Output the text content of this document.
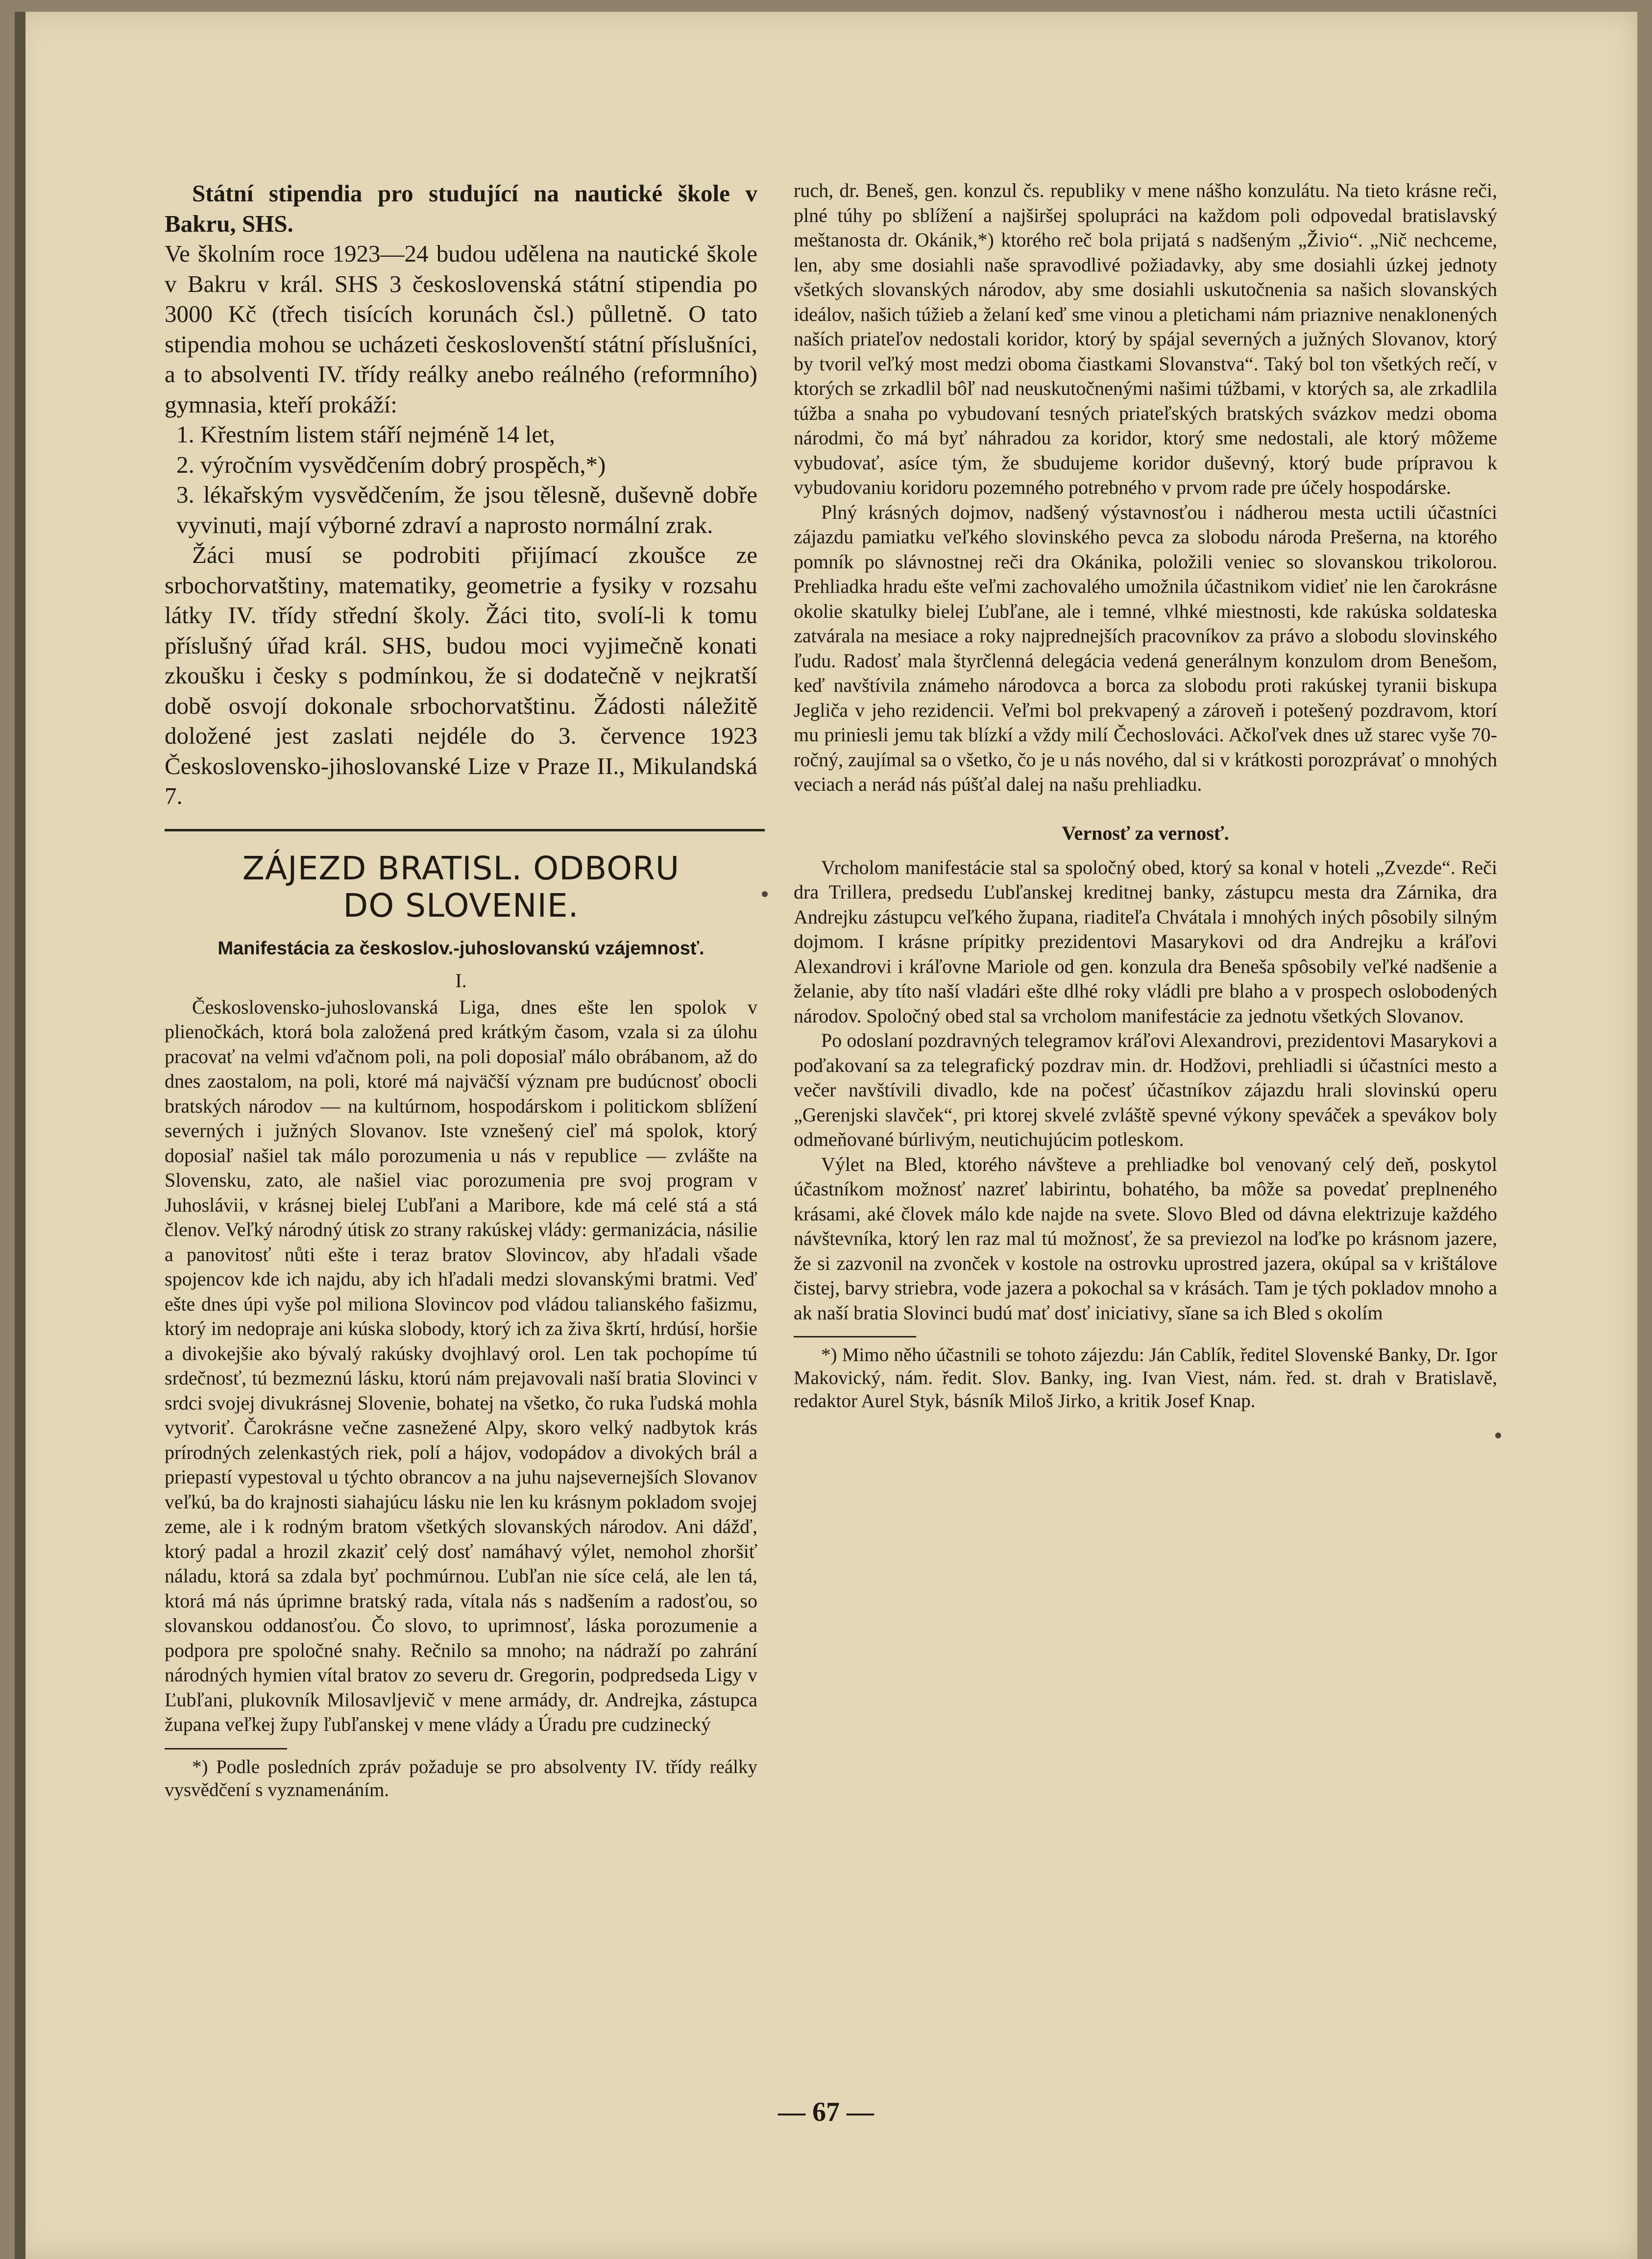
Státní stipendia pro studující na nautické škole v Bakru, SHS.

Ve školním roce 1923—24 budou udělena na nautické škole v Bakru v král. SHS 3 československá státní stipendia po 3000 Kč (třech tisících korunách čsl.) půlletně. O tato stipendia mohou se ucházeti českoslovenští státní příslušníci, a to absolventi IV. třídy reálky anebo reálného (reformního) gymnasia, kteří prokáží:

1. Křestním listem stáří nejméně 14 let,

2. výročním vysvědčením dobrý prospěch,*)

3. lékařským vysvědčením, že jsou tělesně, duševně dobře vyvinuti, mají výborné zdraví a naprosto normální zrak.

Žáci musí se podrobiti přijímací zkoušce ze srbochorvatštiny, matematiky, geometrie a fysiky v rozsahu látky IV. třídy střední školy. Žáci tito, svolí-li k tomu příslušný úřad král. SHS, budou moci vyjimečně konati zkoušku i česky s podmínkou, že si dodatečně v nejkratší době osvojí dokonale srbochorvatštinu. Žádosti náležitě doložené jest zaslati nejdéle do 3. července 1923 Československo-jihoslovanské Lize v Praze II., Mikulandská 7.

ZÁJEZD BRATISL. ODBORU
DO SLOVENIE.
Manifestácia za českoslov.-juhoslovanskú vzájemnosť.
I.

Československo-juhoslovanská Liga, dnes ešte len spolok v plienočkách, ktorá bola založená pred krátkým časom, vzala si za úlohu pracovať na velmi vďačnom poli, na poli doposiaľ málo obrábanom, až do dnes zaostalom, na poli, ktoré má najväčší význam pre budúcnosť obocli bratských národov — na kultúrnom, hospodárskom i politickom sblížení severných i južných Slovanov. Iste vznešený cieľ má spolok, ktorý doposiaľ našiel tak málo porozumenia u nás v republice — zvlášte na Slovensku, zato, ale našiel viac porozumenia pre svoj program v Juhoslávii, v krásnej bielej Ľubľani a Maribore, kde má celé stá a stá členov. Veľký národný útisk zo strany rakúskej vlády: germanizácia, násilie a panovitosť nůti ešte i teraz bratov Slovincov, aby hľadali všade spojencov kde ich najdu, aby ich hľadali medzi slovanskými bratmi. Veď ešte dnes úpi vyše pol miliona Slovincov pod vládou talianského fašizmu, ktorý im nedopraje ani kúska slobody, ktorý ich za živa škrtí, hrdúsí, horšie a divokejšie ako bývalý rakúsky dvojhlavý orol. Len tak pochopíme tú srdečnosť, tú bezmeznú lásku, ktorú nám prejavovali naší bratia Slovinci v srdci svojej divukrásnej Slovenie, bohatej na všetko, čo ruka ľudská mohla vytvoriť. Čarokrásne večne zasnežené Alpy, skoro velký nadbytok krás prírodných zelenkastých riek, polí a hájov, vodopádov a divokých brál a priepastí vypestoval u týchto obrancov a na juhu najsevernejších Slovanov veľkú, ba do krajnosti siahajúcu lásku nie len ku krásnym pokladom svojej zeme, ale i k rodným bratom všetkých slovanských národov. Ani dážď, ktorý padal a hrozil zkaziť celý dosť namáhavý výlet, nemohol zhoršiť náladu, ktorá sa zdala byť pochmúrnou. Ľubľan nie síce celá, ale len tá, ktorá má nás úprimne bratský rada, vítala nás s nadšením a radosťou, so slovanskou oddanosťou. Čo slovo, to uprimnosť, láska porozumenie a podpora pre spoločné snahy. Rečnilo sa mnoho; na nádraží po zahrání národných hymien vítal bratov zo severu dr. Gregorin, podpredseda Ligy v Ľubľani, plukovník Milosavljevič v mene armády, dr. Andrejka, zástupca župana veľkej župy ľubľanskej v mene vlády a Úradu pre cudzinecký

*) Podle posledních zpráv požaduje se pro absolventy IV. třídy reálky vysvědčení s vyznamenáním.

ruch, dr. Beneš, gen. konzul čs. republiky v mene nášho konzulátu. Na tieto krásne reči, plné túhy po sblížení a najširšej spolupráci na každom poli odpovedal bratislavský meštanosta dr. Okánik,*) ktorého reč bola prijatá s nadšeným „Živio“. „Nič nechceme, len, aby sme dosiahli naše spravodlivé požiadavky, aby sme dosiahli úzkej jednoty všetkých slovanských národov, aby sme dosiahli uskutočnenia sa našich slovanských ideálov, našich túžieb a želaní keď sme vinou a pletichami nám priaznive nenaklonených naších priateľov nedostali koridor, ktorý by spájal severných a južných Slovanov, ktorý by tvoril veľký most medzi oboma čiastkami Slovanstva“. Taký bol ton všetkých rečí, v ktorých se zrkadlil bôľ nad neuskutočnenými našimi túžbami, v ktorých sa, ale zrkadlila túžba a snaha po vybudovaní tesných priateľských bratských svázkov medzi oboma národmi, čo má byť náhradou za koridor, ktorý sme nedostali, ale ktorý môžeme vybudovať, asíce tým, že sbudujeme koridor duševný, ktorý bude prípravou k vybudovaniu koridoru pozemného potrebného v prvom rade pre účely hospodárske.

Plný krásných dojmov, nadšený výstavnosťou i nádherou mesta uctili účastníci zájazdu pamiatku veľkého slovinského pevca za slobodu národa Prešerna, na ktorého pomník po slávnostnej reči dra Okánika, položili veniec so slovanskou trikolorou. Prehliadka hradu ešte veľmi zachovalého umožnila účastnikom vidieť nie len čarokrásne okolie skatulky bielej Ľubľane, ale i temné, vlhké miestnosti, kde rakúska soldateska zatvárala na mesiace a roky najprednejších pracovníkov za právo a slobodu slovinského ľudu. Radosť mala štyrčlenná delegácia vedená generálnym konzulom drom Benešom, keď navštívila známeho národovca a borca za slobodu proti rakúskej tyranii biskupa Jegliča v jeho rezidencii. Veľmi bol prekvapený a zároveň i potešený pozdravom, ktorí mu priniesli jemu tak blízkí a vždy milí Čechoslováci. Ačkoľvek dnes už starec vyše 70-ročný, zaujímal sa o všetko, čo je u nás nového, dal si v krátkosti porozprávať o mnohých veciach a nerád nás púšťal dalej na našu prehliadku.

Vernosť za vernosť.

Vrcholom manifestácie stal sa spoločný obed, ktorý sa konal v hoteli „Zvezde“. Reči dra Trillera, predsedu Ľubľanskej kreditnej banky, zástupcu mesta dra Zárnika, dra Andrejku zástupcu veľkého župana, riaditeľa Chvátala i mnohých iných pôsobily silným dojmom. I krásne prípitky prezidentovi Masarykovi od dra Andrejku a kráľovi Alexandrovi i kráľovne Mariole od gen. konzula dra Beneša spôsobily veľké nadšenie a želanie, aby títo naší vladári ešte dlhé roky vládli pre blaho a v prospech oslobodených národov. Spoločný obed stal sa vrcholom manifestácie za jednotu všetkých Slovanov.

Po odoslaní pozdravných telegramov kráľovi Alexandrovi, prezidentovi Masarykovi a poďakovaní sa za telegrafický pozdrav min. dr. Hodžovi, prehliadli si účastníci mesto a večer navštívili divadlo, kde na počesť účastníkov zájazdu hrali slovinskú operu „Gerenjski slavček“, pri ktorej skvelé zvláště spevné výkony speváček a spevákov boly odmeňované búrlivým, neutichujúcim potleskom.

Výlet na Bled, ktorého návšteve a prehliadke bol venovaný celý deň, poskytol účastníkom možnosť nazreť labirintu, bohatého, ba môže sa povedať preplneného krásami, aké človek málo kde najde na svete. Slovo Bled od dávna elektrizuje každého návštevníka, ktorý len raz mal tú možnosť, že sa previezol na loďke po krásnom jazere, že si zazvonil na zvonček v kostole na ostrovku uprostred jazera, okúpal sa v krištálove čistej, barvy striebra, vode jazera a pokochal sa v krásách. Tam je tých pokladov mnoho a ak naší bratia Slovinci budú mať dosť iniciativy, sĭane sa ich Bled s okolím

*) Mimo něho účastnili se tohoto zájezdu: Ján Cablík, ředitel Slovenské Banky, Dr. Igor Makovický, nám. ředit. Slov. Banky, ing. Ivan Viest, nám. řed. st. drah v Bratislavě, redaktor Aurel Styk, básník Miloš Jirko, a kritik Josef Knap.

— 67 —
